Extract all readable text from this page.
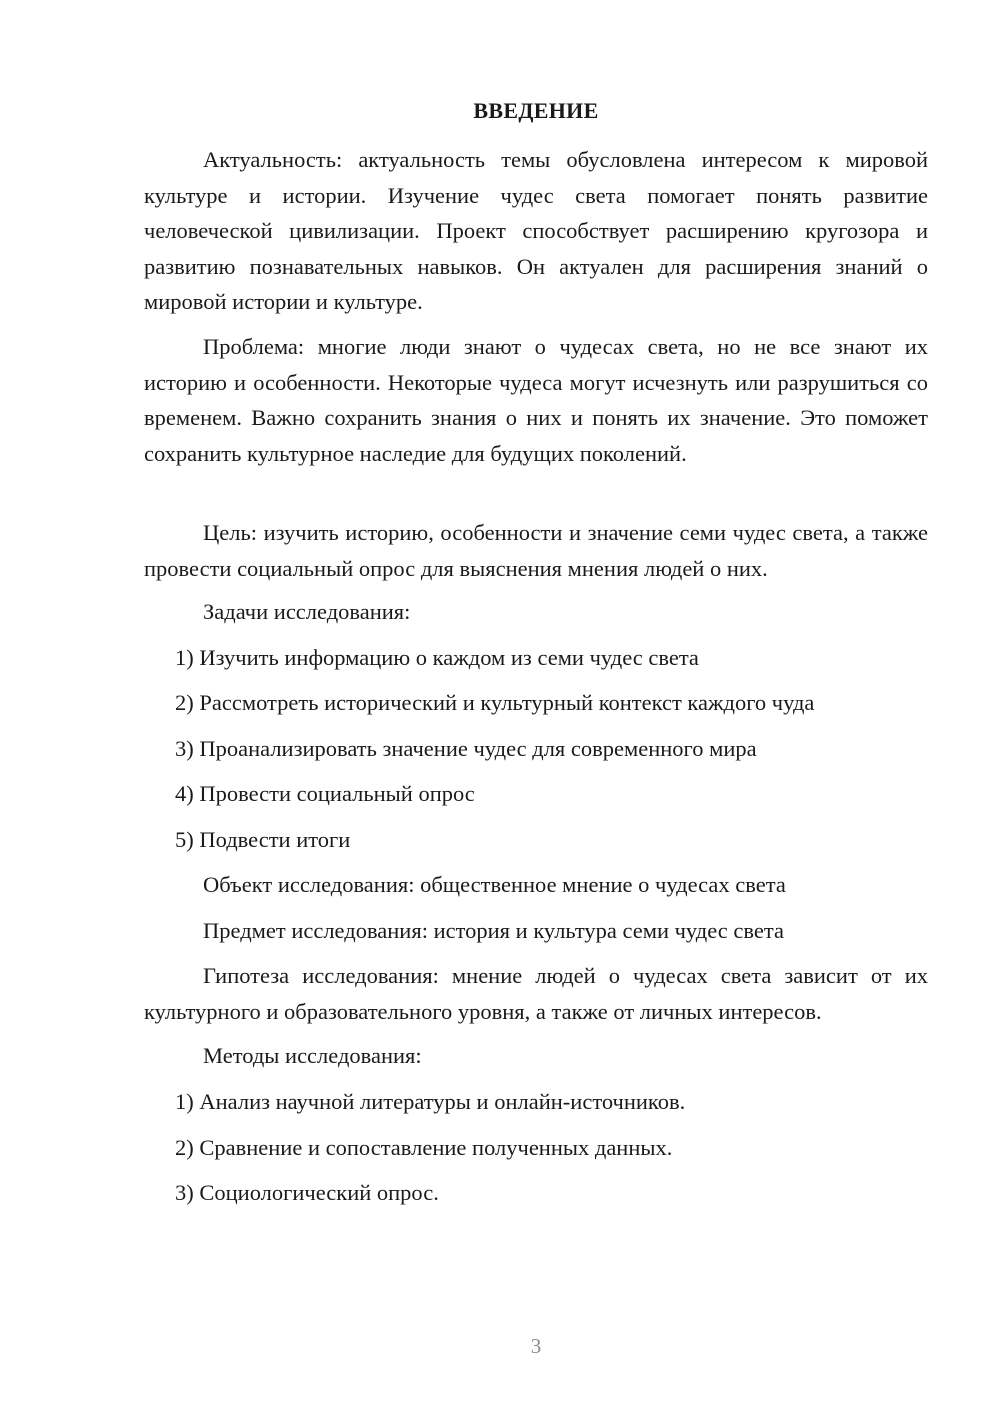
ВВЕДЕНИЕ

Актуальность: актуальность темы обусловлена интересом к мировой культуре и истории. Изучение чудес света помогает понять развитие человеческой цивилизации. Проект способствует расширению кругозора и развитию познавательных навыков. Он актуален для расширения знаний о мировой истории и культуре.

Проблема: многие люди знают о чудесах света, но не все знают их историю и особенности. Некоторые чудеса могут исчезнуть или разрушиться со временем. Важно сохранить знания о них и понять их значение. Это поможет сохранить культурное наследие для будущих поколений.

Цель: изучить историю, особенности и значение семи чудес света, а также провести социальный опрос для выяснения мнения людей о них.

Задачи исследования:

1) Изучить информацию о каждом из семи чудес света

2) Рассмотреть исторический и культурный контекст каждого чуда

3) Проанализировать значение чудес для современного мира

4) Провести социальный опрос

5) Подвести итоги

Объект исследования: общественное мнение о чудесах света

Предмет исследования: история и культура семи чудес света

Гипотеза исследования: мнение людей о чудесах света зависит от их культурного и образовательного уровня, а также от личных интересов.

Методы исследования:

1) Анализ научной литературы и онлайн-источников.

2) Сравнение и сопоставление полученных данных.

3) Социологический опрос.

3
